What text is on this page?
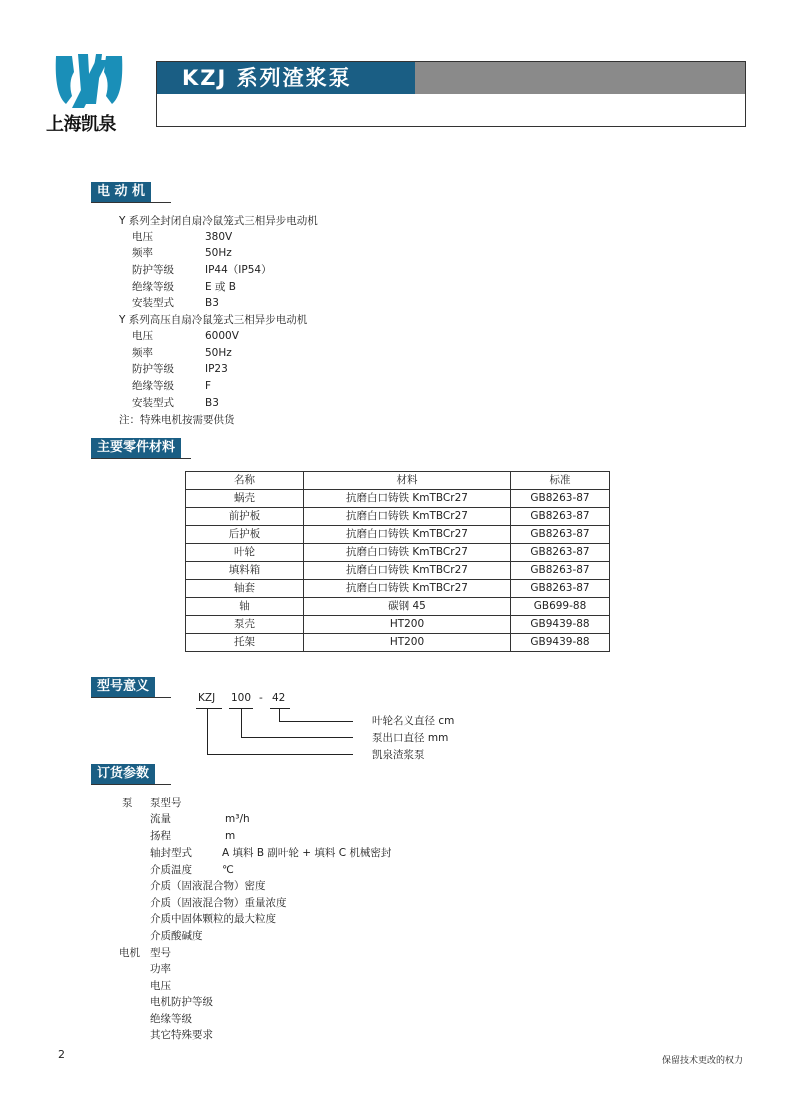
上海凯泉
KZJ 系列渣浆泵
电 动 机
Y 系列全封闭自扇冷鼠笼式三相异步电动机
电压	380V
频率	50Hz
防护等级	IP44（IP54）
绝缘等级	E 或 B
安装型式	B3
Y 系列高压自扇冷鼠笼式三相异步电动机
电压	6000V
频率	50Hz
防护等级	IP23
绝缘等级	F
安装型式	B3
注：特殊电机按需要供货
主要零件材料
名称	材料	标准
蜗壳	抗磨白口铸铁 KmTBCr27	GB8263-87
前护板	抗磨白口铸铁 KmTBCr27	GB8263-87
后护板	抗磨白口铸铁 KmTBCr27	GB8263-87
叶轮	抗磨白口铸铁 KmTBCr27	GB8263-87
填料箱	抗磨白口铸铁 KmTBCr27	GB8263-87
轴套	抗磨白口铸铁 KmTBCr27	GB8263-87
轴	碳钢 45	GB699-88
泵壳	HT200	GB9439-88
托架	HT200	GB9439-88
型号意义
KZJ 100 - 42
叶轮名义直径 cm
泵出口直径 mm
凯泉渣浆泵
订货参数
泵 泵型号
流量	m³/h
扬程	m
轴封型式	A 填料 B 副叶轮 + 填料 C 机械密封
介质温度	℃
介质（固液混合物）密度
介质（固液混合物）重量浓度
介质中固体颗粒的最大粒度
介质酸碱度
电机 型号
功率
电压
电机防护等级
绝缘等级
其它特殊要求
2	保留技术更改的权力
